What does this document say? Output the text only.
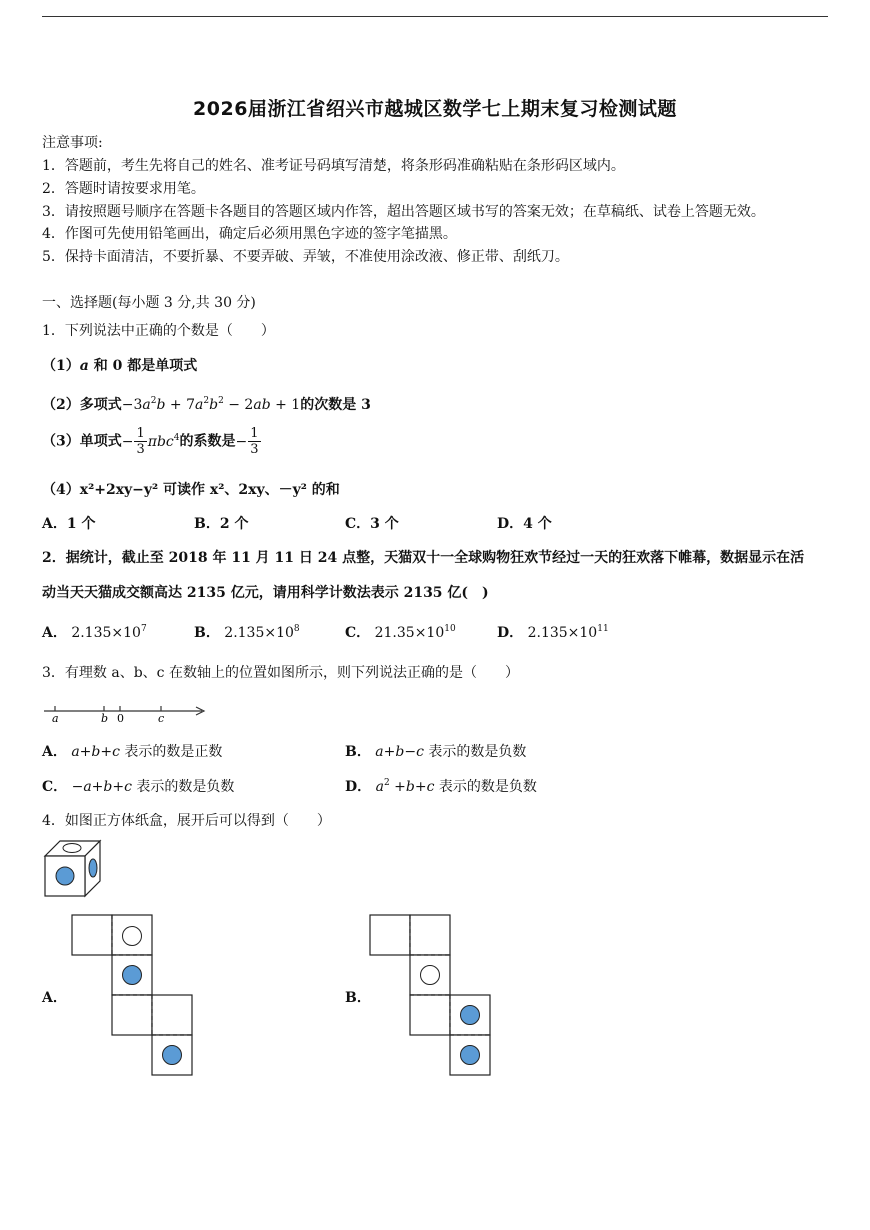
2026届浙江省绍兴市越城区数学七上期末复习检测试题
注意事项:
1．答题前，考生先将自己的姓名、准考证号码填写清楚，将条形码准确粘贴在条形码区域内。
2．答题时请按要求用笔。
3．请按照题号顺序在答题卡各题目的答题区域内作答，超出答题区域书写的答案无效；在草稿纸、试卷上答题无效。
4．作图可先使用铅笔画出，确定后必须用黑色字迹的签字笔描黑。
5．保持卡面清洁，不要折暴、不要弄破、弄皱，不准使用涂改液、修正带、刮纸刀。
一、选择题(每小题 3 分,共 30 分)
1．下列说法中正确的个数是（　　）
（1）a 和 0 都是单项式
（2）多项式$-3a^2b + 7a^2b^2 - 2ab + 1$的次数是 3
（3）单项式− $\frac{1}{3} \pi bc^4$的系数是− $\frac{1}{3}$
（4）x²+2xy−y² 可读作 x²、2xy、－y² 的和
A．1 个	B．2 个	C．3 个	D．4 个
2．据统计，截止至 2018 年 11 月 11 日 24 点整，天猫双十一全球购物狂欢节经过一天的狂欢落下帷幕，数据显示在活
动当天天猫成交额高达 2135 亿元，请用科学计数法表示 2135 亿(　)
A． $2.135\times 10^7$	B． $2.135\times 10^8$	C． $21.35\times 10^{10}$	D． $2.135\times 10^{11}$
3．有理数 a、b、c 在数轴上的位置如图所示，则下列说法正确的是（　　）
a	b 0	c
A． a+b+c 表示的数是正数	B． a+b−c 表示的数是负数
C． −a+b+c 表示的数是负数	D． $a^2 +b+c$ 表示的数是负数
4．如图正方体纸盒，展开后可以得到（　　）
A．	B．
